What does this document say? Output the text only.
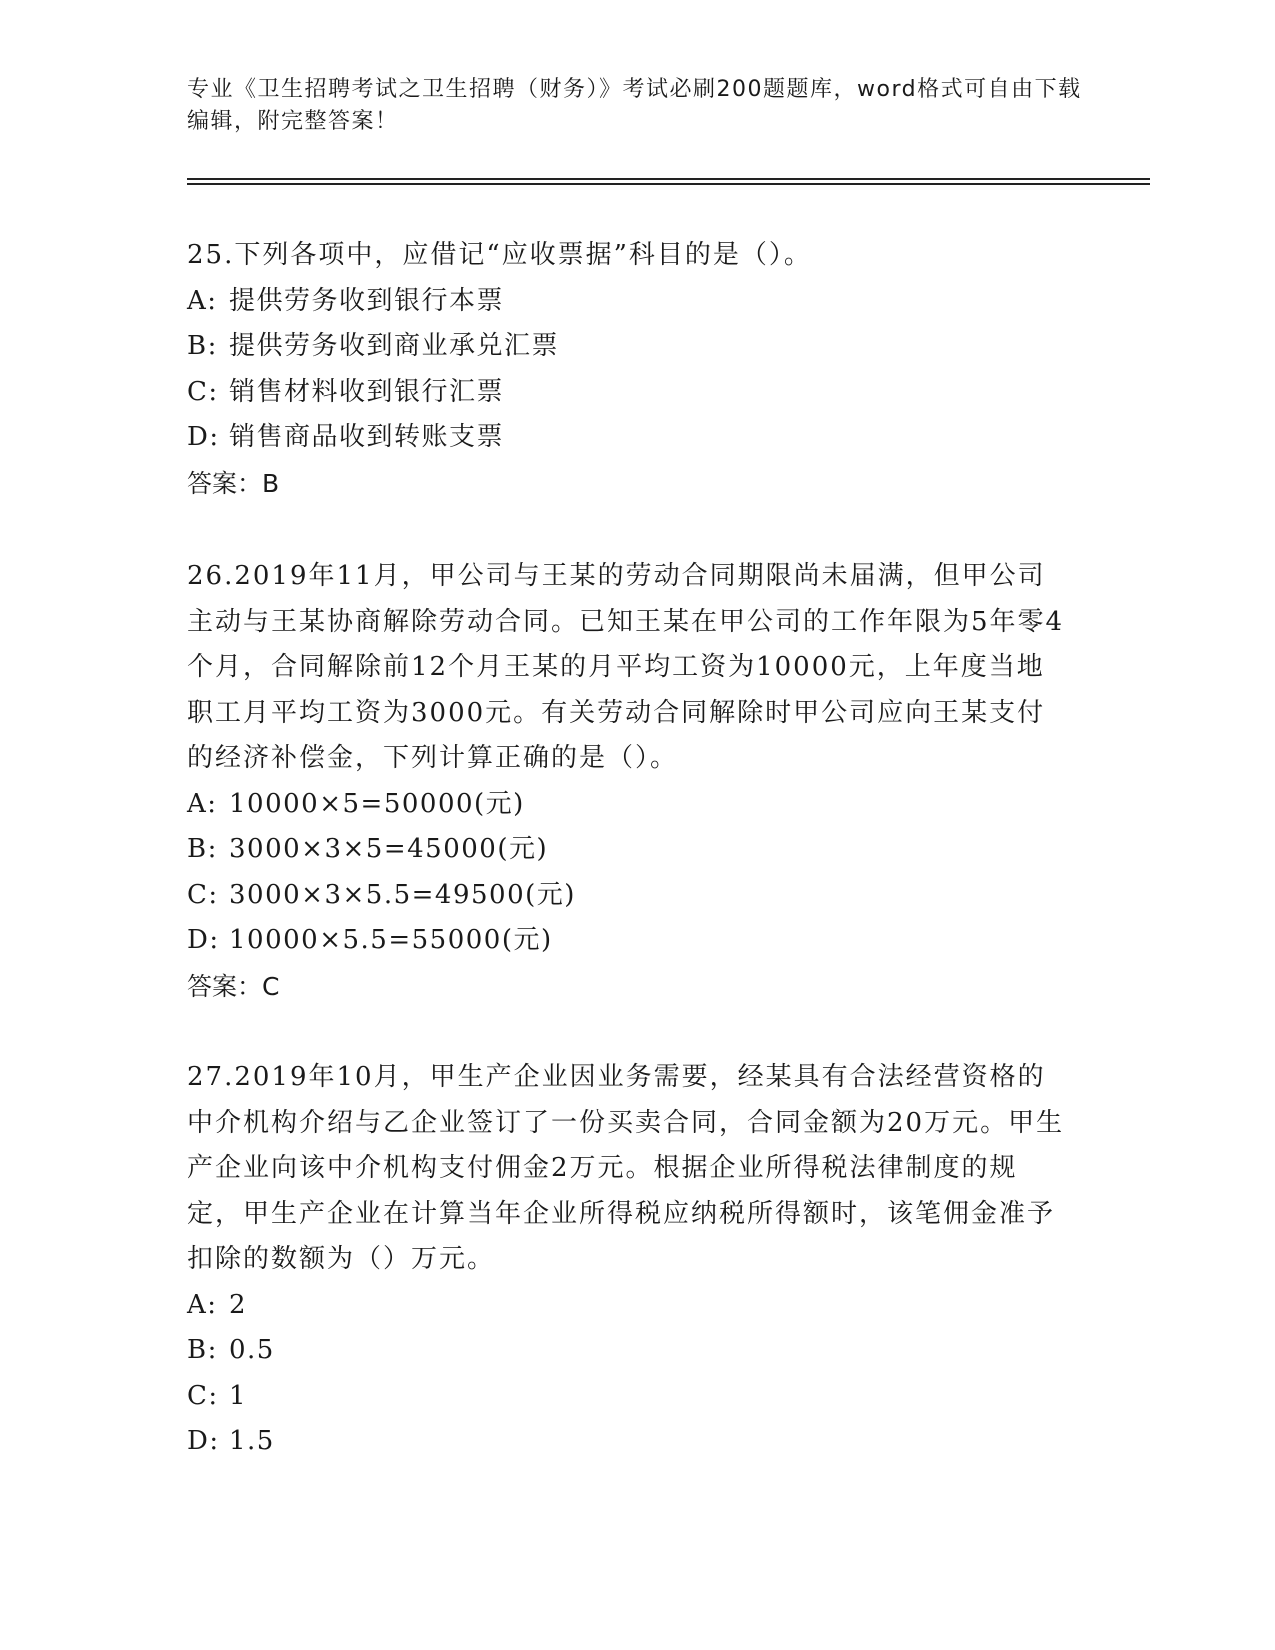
专业《卫生招聘考试之卫生招聘（财务）》考试必刷200题题库，word格式可自由下载编辑，附完整答案！

25.下列各项中，应借记“应收票据”科目的是（）。

A: 提供劳务收到银行本票

B: 提供劳务收到商业承兑汇票

C: 销售材料收到银行汇票

D: 销售商品收到转账支票

答案：B

26.2019年11月，甲公司与王某的劳动合同期限尚未届满，但甲公司主动与王某协商解除劳动合同。已知王某在甲公司的工作年限为5年零4个月，合同解除前12个月王某的月平均工资为10000元，上年度当地职工月平均工资为3000元。有关劳动合同解除时甲公司应向王某支付的经济补偿金，下列计算正确的是（）。

A: 10000×5=50000(元)

B: 3000×3×5=45000(元)

C: 3000×3×5.5=49500(元)

D: 10000×5.5=55000(元)

答案：C

27.2019年10月，甲生产企业因业务需要，经某具有合法经营资格的中介机构介绍与乙企业签订了一份买卖合同，合同金额为20万元。甲生产企业向该中介机构支付佣金2万元。根据企业所得税法律制度的规定，甲生产企业在计算当年企业所得税应纳税所得额时，该笔佣金准予扣除的数额为（）万元。

A: 2

B: 0.5

C: 1

D: 1.5
